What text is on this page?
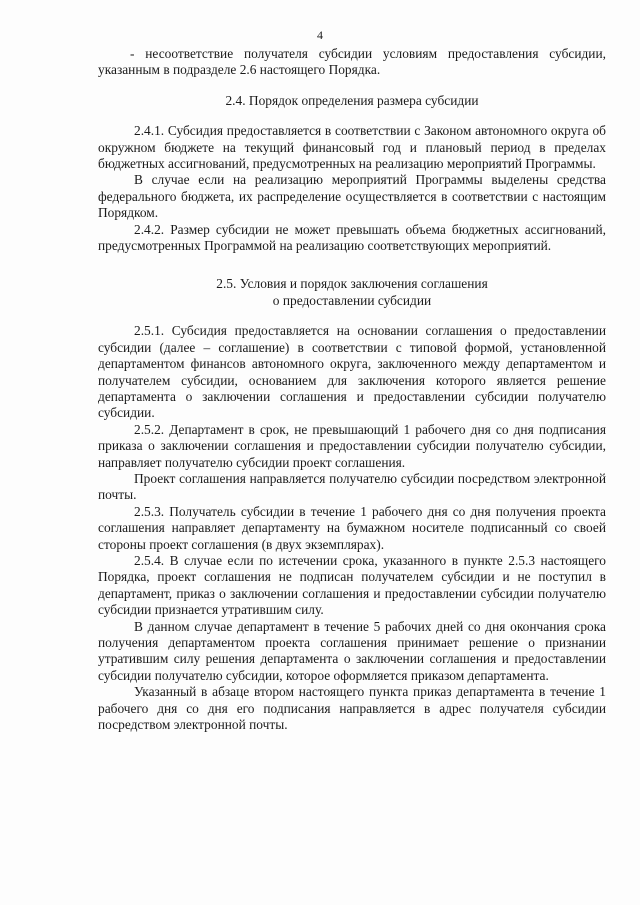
4

- несоответствие получателя субсидии условиям предоставления субсидии, указанным в подразделе 2.6 настоящего Порядка.

2.4. Порядок определения размера субсидии

2.4.1. Субсидия предоставляется в соответствии с Законом автономного округа об окружном бюджете на текущий финансовый год и плановый период в пределах бюджетных ассигнований, предусмотренных на реализацию мероприятий Программы.

В случае если на реализацию мероприятий Программы выделены средства федерального бюджета, их распределение осуществляется в соответствии с настоящим Порядком.

2.4.2. Размер субсидии не может превышать объема бюджетных ассигнований, предусмотренных Программой на реализацию соответствующих мероприятий.

2.5. Условия и порядок заключения соглашения

о предоставлении субсидии

2.5.1. Субсидия предоставляется на основании соглашения о предоставлении субсидии (далее – соглашение) в соответствии с типовой формой, установленной департаментом финансов автономного округа, заключенного между департаментом и получателем субсидии, основанием для заключения которого является решение департамента о заключении соглашения и предоставлении субсидии получателю субсидии.

2.5.2. Департамент в срок, не превышающий 1 рабочего дня со дня подписания приказа о заключении соглашения и предоставлении субсидии получателю субсидии, направляет получателю субсидии проект соглашения.

Проект соглашения направляется получателю субсидии посредством электронной почты.

2.5.3. Получатель субсидии в течение 1 рабочего дня со дня получения проекта соглашения направляет департаменту на бумажном носителе подписанный со своей стороны проект соглашения (в двух экземплярах).

2.5.4. В случае если по истечении срока, указанного в пункте 2.5.3 настоящего Порядка, проект соглашения не подписан получателем субсидии и не поступил в департамент, приказ о заключении соглашения и предоставлении субсидии получателю субсидии признается утратившим силу.

В данном случае департамент в течение 5 рабочих дней со дня окончания срока получения департаментом проекта соглашения принимает решение о признании утратившим силу решения департамента о заключении соглашения и предоставлении субсидии получателю субсидии, которое оформляется приказом департамента.

Указанный в абзаце втором настоящего пункта приказ департамента в течение 1 рабочего дня со дня его подписания направляется в адрес получателя субсидии посредством электронной почты.
